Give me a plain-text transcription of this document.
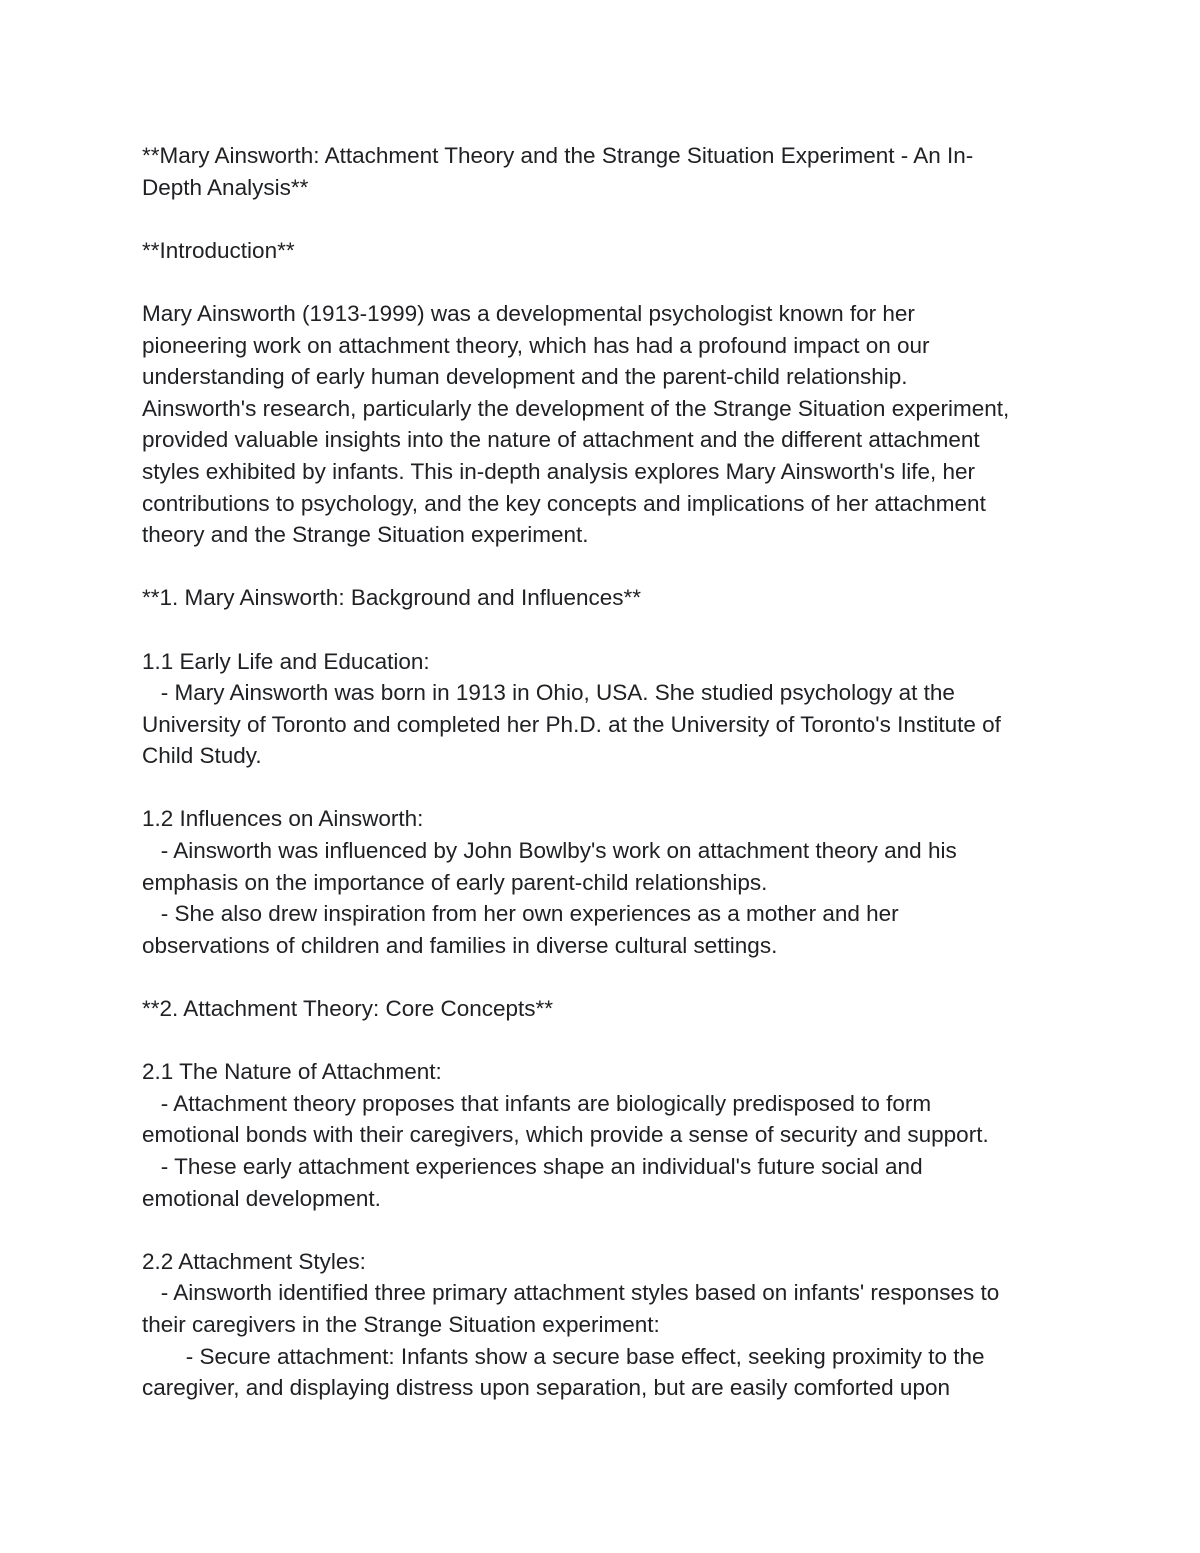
**Mary Ainsworth: Attachment Theory and the Strange Situation Experiment - An In-
Depth Analysis**
**Introduction**
Mary Ainsworth (1913-1999) was a developmental psychologist known for her
pioneering work on attachment theory, which has had a profound impact on our
understanding of early human development and the parent-child relationship.
Ainsworth's research, particularly the development of the Strange Situation experiment,
provided valuable insights into the nature of attachment and the different attachment
styles exhibited by infants. This in-depth analysis explores Mary Ainsworth's life, her
contributions to psychology, and the key concepts and implications of her attachment
theory and the Strange Situation experiment.
**1. Mary Ainsworth: Background and Influences**
1.1 Early Life and Education:
- Mary Ainsworth was born in 1913 in Ohio, USA. She studied psychology at the
University of Toronto and completed her Ph.D. at the University of Toronto's Institute of
Child Study.
1.2 Influences on Ainsworth:
- Ainsworth was influenced by John Bowlby's work on attachment theory and his
emphasis on the importance of early parent-child relationships.
- She also drew inspiration from her own experiences as a mother and her
observations of children and families in diverse cultural settings.
**2. Attachment Theory: Core Concepts**
2.1 The Nature of Attachment:
- Attachment theory proposes that infants are biologically predisposed to form
emotional bonds with their caregivers, which provide a sense of security and support.
- These early attachment experiences shape an individual's future social and
emotional development.
2.2 Attachment Styles:
- Ainsworth identified three primary attachment styles based on infants' responses to
their caregivers in the Strange Situation experiment:
- Secure attachment: Infants show a secure base effect, seeking proximity to the
caregiver, and displaying distress upon separation, but are easily comforted upon
